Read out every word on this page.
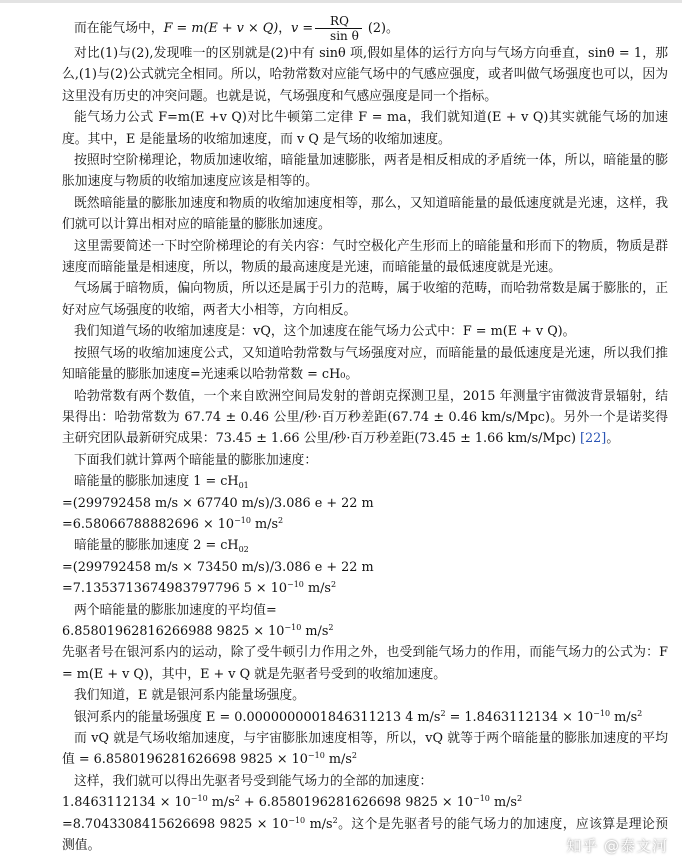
而在能气场中，F = m(E + v × Q)，$v = \frac{RQ}{\text{sin θ}} (2)$。

对比(1)与(2),发现唯一的区别就是(2)中有 sinθ 项,假如星体的运行方向与气场方向垂直，sinθ = 1，那么,(1)与(2)公式就完全相同。所以，哈勃常数对应能气场中的气感应强度，或者叫做气场强度也可以，因为这里没有历史的冲突问题。也就是说，气场强度和气感应强度是同一个指标。

能气场力公式 F=m(E +v Q)对比牛顿第二定律 F = ma，我们就知道(E + v Q)其实就能气场的加速度。其中，E 是能量场的收缩加速度，而 v Q 是气场的收缩加速度。

按照时空阶梯理论，物质加速收缩，暗能量加速膨胀，两者是相反相成的矛盾统一体，所以，暗能量的膨胀加速度与物质的收缩加速度应该是相等的。

既然暗能量的膨胀加速度和物质的收缩加速度相等，那么，又知道暗能量的最低速度就是光速，这样，我们就可以计算出相对应的暗能量的膨胀加速度。

这里需要简述一下时空阶梯理论的有关内容：气时空极化产生形而上的暗能量和形而下的物质，物质是群速度而暗能量是相速度，所以，物质的最高速度是光速，而暗能量的最低速度就是光速。

气场属于暗物质，偏向物质，所以还是属于引力的范畴，属于收缩的范畴，而哈勃常数是属于膨胀的，正好对应气场强度的收缩，两者大小相等，方向相反。

我们知道气场的收缩加速度是：vQ，这个加速度在能气场力公式中：F = m(E + v Q)。

按照气场的收缩加速度公式，又知道哈勃常数与气场强度对应，而暗能量的最低速度是光速，所以我们推知暗能量的膨胀加速度=光速乘以哈勃常数 = cH₀。

哈勃常数有两个数值，一个来自欧洲空间局发射的普朗克探测卫星，2015 年测量宇宙微波背景辐射，结果得出：哈勃常数为 67.74 ± 0.46 公里/秒·百万秒差距(67.74 ± 0.46 km/s/Mpc)。另外一个是诺奖得主研究团队最新研究成果：73.45 ± 1.66 公里/秒·百万秒差距(73.45 ± 1.66 km/s/Mpc) [22]。

下面我们就计算两个暗能量的膨胀加速度：

暗能量的膨胀加速度 $1 = cH_{01}$

=(299792458 m/s × 67740 m/s)/3.086 e + 22 m

$=6.58066788882696 \times 10^{-10}$ $m/s^2$

暗能量的膨胀加速度 $2 = cH_{02}$

=(299792458 m/s × 73450 m/s)/3.086 e + 22 m

=7.1353713674983797796 $5 \times 10^{-10}$ $m/s^2$

两个暗能量的膨胀加速度的平均值=

6.85801962816266988 $9825 \times 10^{-10}$ $m/s^2$

先驱者号在银河系内的运动，除了受牛顿引力作用之外，也受到能气场力的作用，而能气场力的公式为：F = m(E + v Q)，其中，E + v Q 就是先驱者号受到的收缩加速度。

我们知道，E 就是银河系内能量场强度。

银河系内的能量场强度 E = 0.0000000001846311213 4 $m/s^2 = 1.8463112134 \times 10^{-10}$ $m/s^2$

而 vQ 就是气场收缩加速度，与宇宙膨胀加速度相等，所以，vQ 就等于两个暗能量的膨胀加速度的平均值 = 6.8580196281626698 $9825 \times 10^{-10}$ $m/s^2$

这样，我们就可以得出先驱者号受到能气场力的全部的加速度：

$1.8463112134 \times 10^{-10}$ $m/s^2 + 6.8580196281626698$ $9825 \times 10^{-10}$ $m/s^2$

=8.7043308415626698 $9825 \times 10^{-10}$ $m/s^2$。这个是先驱者号的能气场力的加速度，应该算是理论预测值。	知乎 @泰文河
